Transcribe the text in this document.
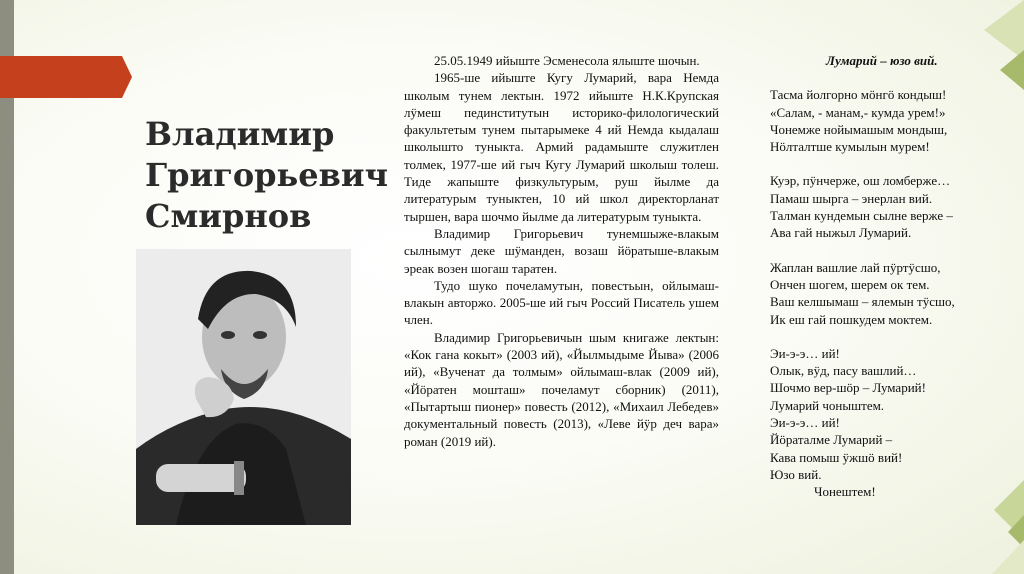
Владимир
Григорьевич
Смирнов

25.05.1949 ийыште Эсменесола ялыште шочын.

1965-ше ийыште Кугу Лумарий, вара Немда школым тунем лектын. 1972 ийыште Н.К.Крупская лӱмеш пединститутын историко-филологический факультетым тунем пытарымеке 4 ий Немда кыдалаш школышто туныкта. Армий радамыште служитлен толмек, 1977-ше ий гыч Кугу Лумарий школыш толеш. Тиде жапыште физкультурым, руш йылме да литературым туныктен, 10 ий школ директорланат тыршен, вара шочмо йылме да литературым туныкта.

Владимир Григорьевич тунемшыже-влакым сылнымут деке шӱманден, возаш йӧратыше-влакым эреак возен шогаш таратен.

Тудо шуко почеламутын, повестьын, ойлымаш-влакын авторжо. 2005-ше ий гыч Россий Писатель ушем член.

Владимир Григорьевичын шым книгаже лектын: «Кок гана кокыт» (2003 ий), «Йылмыдыме Йыва» (2006 ий), «Вученат да толмым» ойлымаш-влак (2009 ий), «Йӧратен мошташ» почеламут сборник) (2011), «Пытартыш пионер» повесть (2012), «Михаил Лебедев» документальный повесть (2013), «Леве йӱр деч вара» роман (2019 ий).

Лумарий – юзо вий.
Тасма йолгорно мӧнгӧ кондыш!
«Салам, - манам,- кумда урем!»
Чонемже нойымашым мондыш,
Нӧлталтше кумылын мурем!
Куэр, пӱнчерже, ош ломберже…
Памаш шырга – энерлан вий.
Талман кундемын сылне верже –
Ава гай ныжыл Лумарий.
Жаплан вашлие лай пӱртӱсшо,
Ончен шогем, шерем ок тем.
Ваш келшымаш – ялемын тӱсшо,
Ик еш гай пошкудем моктем.
Эи-э-э… ий!
Олык, вӱд, пасу вашлий…
Шочмо вер-шӧр – Лумарий!
Лумарий чоныштем.
Эи-э-э… ий!
Йӧраталме Лумарий –
Кава помыш ӱжшӧ вий!
Юзо вий.
Чонештем!
